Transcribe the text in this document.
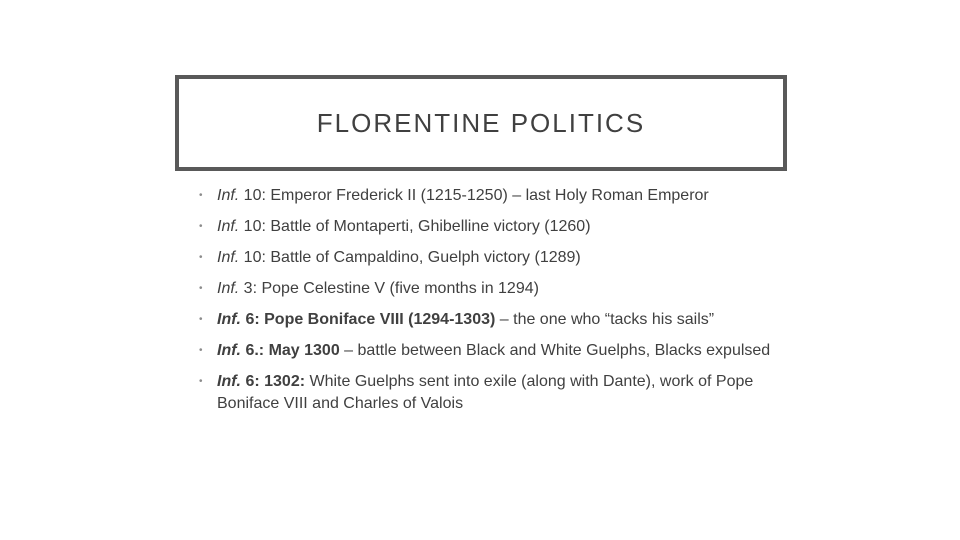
FLORENTINE POLITICS
• Inf. 10: Emperor Frederick II (1215-1250) – last Holy Roman Emperor
• Inf. 10: Battle of Montaperti, Ghibelline victory (1260)
• Inf. 10: Battle of Campaldino, Guelph victory (1289)
• Inf. 3: Pope Celestine V (five months in 1294)
• Inf. 6: Pope Boniface VIII (1294-1303) – the one who “tacks his sails”
• Inf. 6.: May 1300 – battle between Black and White Guelphs, Blacks expulsed
• Inf. 6: 1302: White Guelphs sent into exile (along with Dante), work of Pope Boniface VIII and Charles of Valois
